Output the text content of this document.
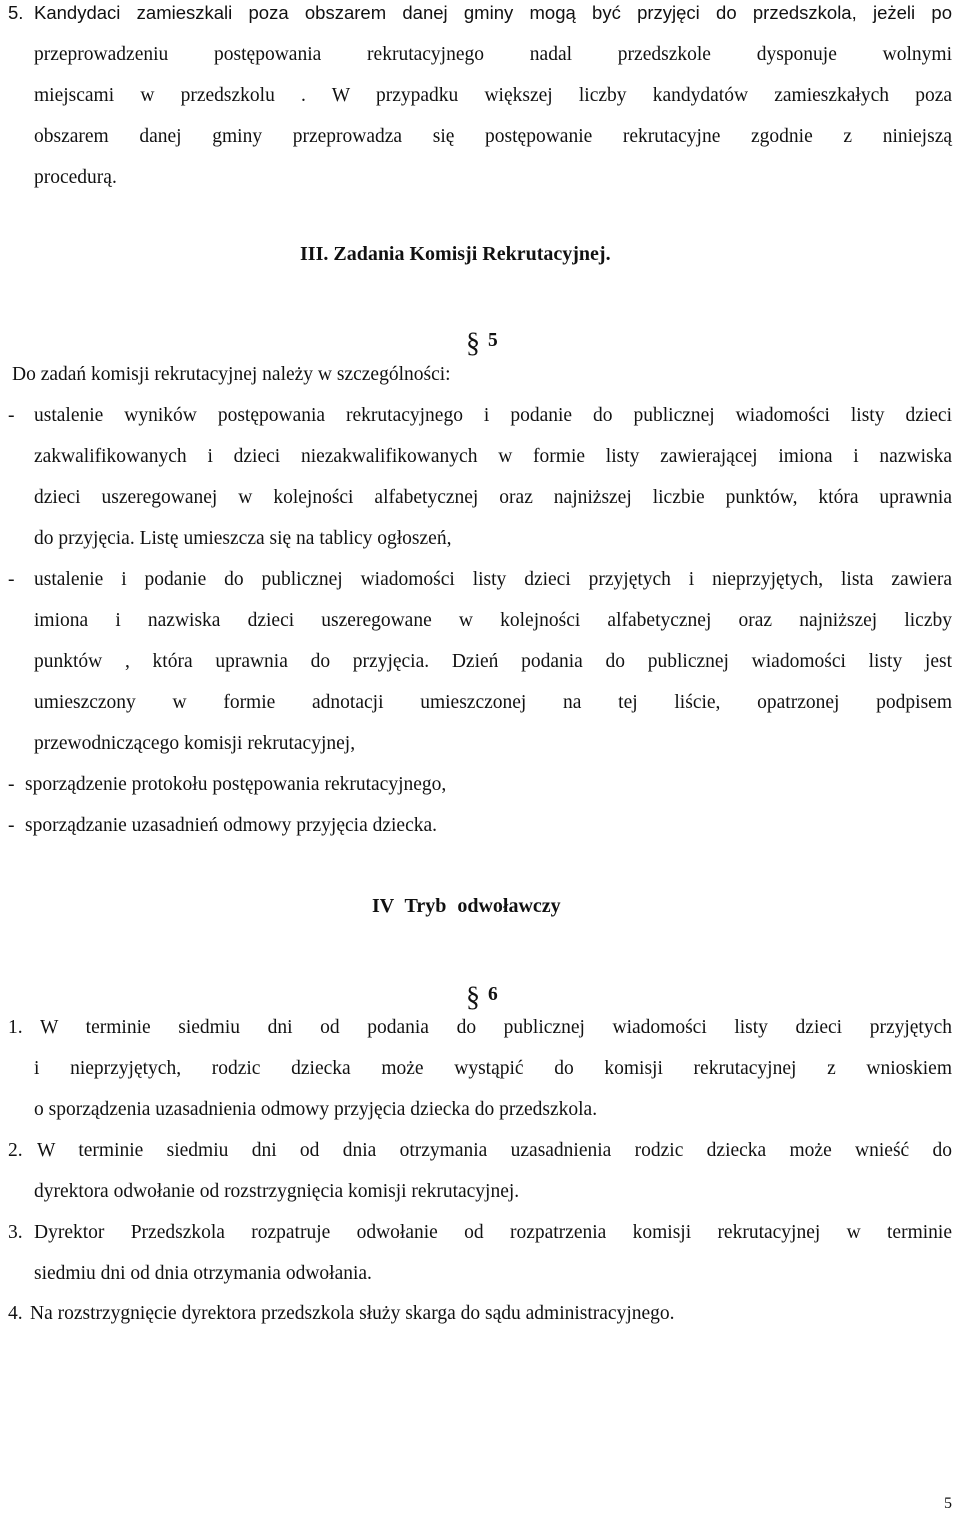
5. Kandydaci zamieszkali poza obszarem danej gminy mogą być przyjęci do przedszkola, jeżeli po
przeprowadzeniu postępowania rekrutacyjnego nadal przedszkole dysponuje wolnymi
miejscami w przedszkolu . W przypadku większej liczby kandydatów zamieszkałych poza
obszarem danej gminy przeprowadza się postępowanie rekrutacyjne zgodnie z niniejszą
procedurą.
III. Zadania Komisji Rekrutacyjnej.
§ 5
Do zadań komisji rekrutacyjnej należy w szczególności:
- ustalenie wyników postępowania rekrutacyjnego i podanie do publicznej wiadomości listy dzieci
zakwalifikowanych i dzieci niezakwalifikowanych w formie listy zawierającej imiona i nazwiska
dzieci uszeregowanej w kolejności alfabetycznej oraz najniższej liczbie punktów, która uprawnia
do przyjęcia. Listę umieszcza się na tablicy ogłoszeń,
- ustalenie i podanie do publicznej wiadomości listy dzieci przyjętych i nieprzyjętych, lista zawiera
imiona i nazwiska dzieci uszeregowane w kolejności alfabetycznej oraz najniższej liczby
punktów , która uprawnia do przyjęcia. Dzień podania do publicznej wiadomości listy jest
umieszczony w formie adnotacji umieszczonej na tej liście, opatrzonej podpisem
przewodniczącego komisji rekrutacyjnej,
- sporządzenie protokołu postępowania rekrutacyjnego,
- sporządzanie uzasadnień odmowy przyjęcia dziecka.
IV Tryb odwoławczy
§ 6
1. W terminie siedmiu dni od podania do publicznej wiadomości listy dzieci przyjętych
i nieprzyjętych, rodzic dziecka może wystąpić do komisji rekrutacyjnej z wnioskiem
o sporządzenia uzasadnienia odmowy przyjęcia dziecka do przedszkola.
2. W terminie siedmiu dni od dnia otrzymania uzasadnienia rodzic dziecka może wnieść do
dyrektora odwołanie od rozstrzygnięcia komisji rekrutacyjnej.
3. Dyrektor Przedszkola rozpatruje odwołanie od rozpatrzenia komisji rekrutacyjnej w terminie
siedmiu dni od dnia otrzymania odwołania.
4. Na rozstrzygnięcie dyrektora przedszkola służy skarga do sądu administracyjnego.
5
